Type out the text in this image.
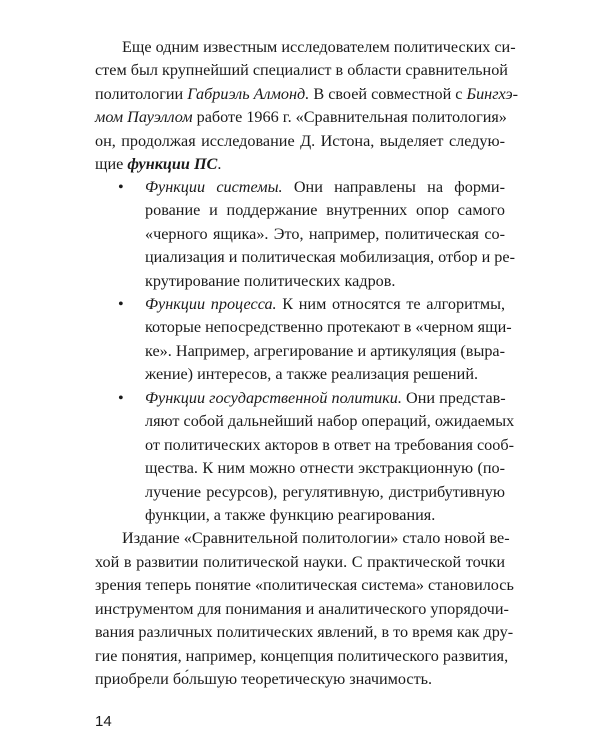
Еще одним известным исследователем политических си-
стем был крупнейший специалист в области сравнительной
политологии Габриэль Алмонд. В своей совместной с Бингхэ-
мом Пауэллом работе 1966 г. «Сравнительная политология»
он, продолжая исследование Д. Истона, выделяет следую-
щие функции ПС.
• Функции системы. Они направлены на форми-
рование и поддержание внутренних опор самого
«черного ящика». Это, например, политическая со-
циализация и политическая мобилизация, отбор и ре-
крутирование политических кадров.
• Функции процесса. К ним относятся те алгоритмы,
которые непосредственно протекают в «черном ящи-
ке». Например, агрегирование и артикуляция (выра-
жение) интересов, а также реализация решений.
• Функции государственной политики. Они представ-
ляют собой дальнейший набор операций, ожидаемых
от политических акторов в ответ на требования сооб-
щества. К ним можно отнести экстракционную (по-
лучение ресурсов), регулятивную, дистрибутивную
функции, а также функцию реагирования.
Издание «Сравнительной политологии» стало новой ве-
хой в развитии политической науки. С практической точки
зрения теперь понятие «политическая система» становилось
инструментом для понимания и аналитического упорядочи-
вания различных политических явлений, в то время как дру-
гие понятия, например, концепция политического развития,
приобрели бо́льшую теоретическую значимость.
14
